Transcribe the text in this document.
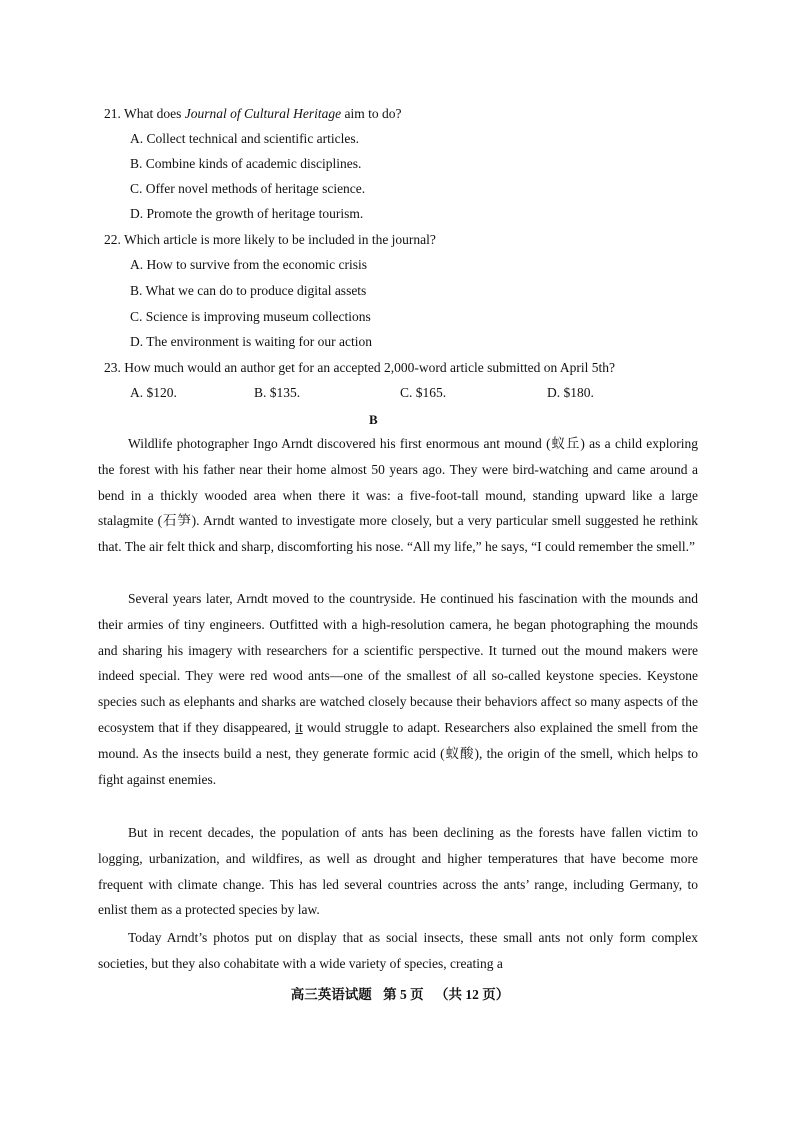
21. What does Journal of Cultural Heritage aim to do?
A. Collect technical and scientific articles.
B. Combine kinds of academic disciplines.
C. Offer novel methods of heritage science.
D. Promote the growth of heritage tourism.
22. Which article is more likely to be included in the journal?
A. How to survive from the economic crisis
B. What we can do to produce digital assets
C. Science is improving museum collections
D. The environment is waiting for our action
23. How much would an author get for an accepted 2,000-word article submitted on April 5th?
A. $120.	B. $135.	C. $165.	D. $180.
B

Wildlife photographer Ingo Arndt discovered his first enormous ant mound (蚁丘) as a child exploring the forest with his father near their home almost 50 years ago. They were bird-watching and came around a bend in a thickly wooded area when there it was: a five-foot-tall mound, standing upward like a large stalagmite (石笋). Arndt wanted to investigate more closely, but a very particular smell suggested he rethink that. The air felt thick and sharp, discomforting his nose. “All my life,” he says, “I could remember the smell.”

Several years later, Arndt moved to the countryside. He continued his fascination with the mounds and their armies of tiny engineers. Outfitted with a high-resolution camera, he began photographing the mounds and sharing his imagery with researchers for a scientific perspective. It turned out the mound makers were indeed special. They were red wood ants—one of the smallest of all so-called keystone species. Keystone species such as elephants and sharks are watched closely because their behaviors affect so many aspects of the ecosystem that if they disappeared, it would struggle to adapt. Researchers also explained the smell from the mound. As the insects build a nest, they generate formic acid (蚁酸), the origin of the smell, which helps to fight against enemies.

But in recent decades, the population of ants has been declining as the forests have fallen victim to logging, urbanization, and wildfires, as well as drought and higher temperatures that have become more frequent with climate change. This has led several countries across the ants’ range, including Germany, to enlist them as a protected species by law.

Today Arndt’s photos put on display that as social insects, these small ants not only form complex societies, but they also cohabitate with a wide variety of species, creating a

高三英语试题 第 5 页 （共 12 页）
